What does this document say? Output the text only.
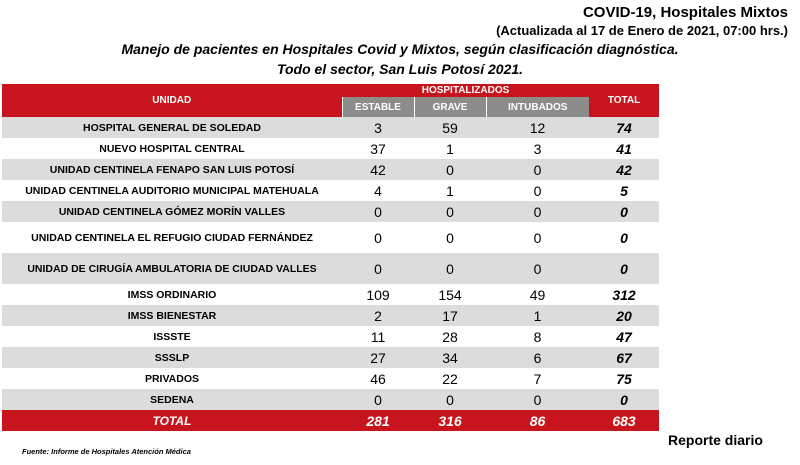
COVID-19, Hospitales Mixtos
(Actualizada al 17 de Enero de 2021, 07:00 hrs.)
Manejo de pacientes en Hospitales Covid y Mixtos, según clasificación diagnóstica.
Todo el sector, San Luis Potosí 2021.
UNIDAD	HOSPITALIZADOS			TOTAL
	ESTABLE	GRAVE	INTUBADOS	
HOSPITAL GENERAL DE SOLEDAD	3	59	12	74
NUEVO HOSPITAL CENTRAL	37	1	3	41
UNIDAD CENTINELA FENAPO SAN LUIS POTOSÍ	42	0	0	42
UNIDAD CENTINELA AUDITORIO MUNICIPAL MATEHUALA	4	1	0	5
UNIDAD CENTINELA GÓMEZ MORÍN VALLES	0	0	0	0
UNIDAD CENTINELA EL REFUGIO CIUDAD FERNÁNDEZ	0	0	0	0
UNIDAD DE CIRUGÍA AMBULATORIA DE CIUDAD VALLES	0	0	0	0
IMSS ORDINARIO	109	154	49	312
IMSS BIENESTAR	2	17	1	20
ISSSTE	11	28	8	47
SSSLP	27	34	6	67
PRIVADOS	46	22	7	75
SEDENA	0	0	0	0
TOTAL	281	316	86	683
Fuente: Informe de Hospitales Atención Médica
Reporte diario
